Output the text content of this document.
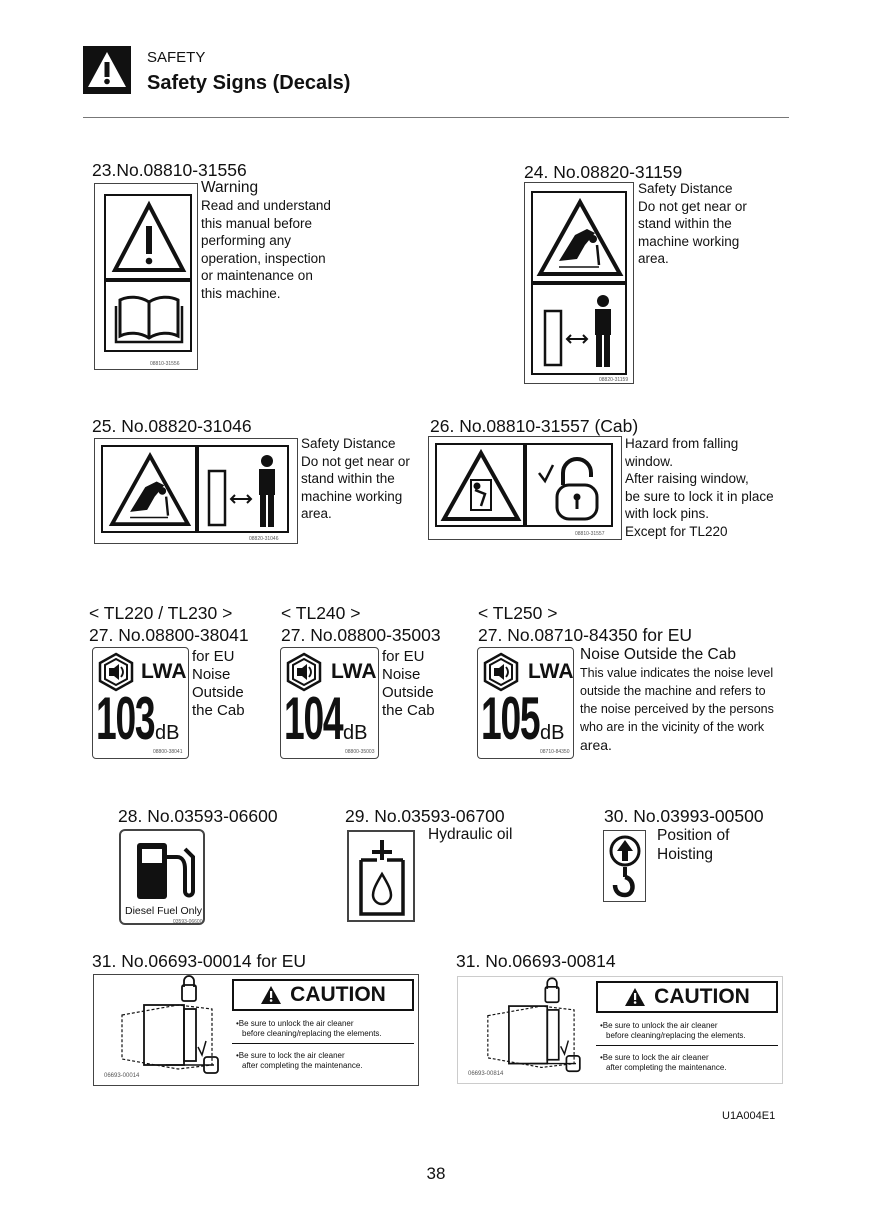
SAFETY
Safety Signs (Decals)
23.No.08810-31556
08810-31556
Warning
Read and understand
this manual before
performing any
operation, inspection
or maintenance on
this machine.
24. No.08820-31159
08820-31159
Safety Distance
Do not get near or
stand within the
machine working
area.
25. No.08820-31046
08820-31046
Safety Distance
Do not get near or
stand within the
machine working
area.
26. No.08810-31557 (Cab)
08810-31557
Hazard from falling
window.
After raising window,
be sure to lock it in place
with lock pins.
Except for TL220
< TL220 / TL230 >
27. No.08800-38041
LWA
103 dB
08800-38041
for EU
Noise
Outside
the Cab
< TL240 >
27. No.08800-35003
LWA
104 dB
08800-35003
for EU
Noise
Outside
the Cab
< TL250 >
27. No.08710-84350 for EU
LWA
105 dB
08710-84350
Noise Outside the Cab
This value indicates the noise level
outside the machine and refers to
the noise perceived by the persons
who are in the vicinity of the work
area.
28. No.03593-06600
Diesel Fuel Only
03593-06600
29. No.03593-06700
Hydraulic oil
30. No.03993-00500
Position of
Hoisting
31. No.06693-00014 for EU
CAUTION
•Be sure to unlock the air cleaner
before cleaning/replacing the elements.
•Be sure to lock the air cleaner
after completing the maintenance.
06693-00014
31. No.06693-00814
CAUTION
•Be sure to unlock the air cleaner
before cleaning/replacing the elements.
•Be sure to lock the air cleaner
after completing the maintenance.
06693-00814
U1A004E1
38
